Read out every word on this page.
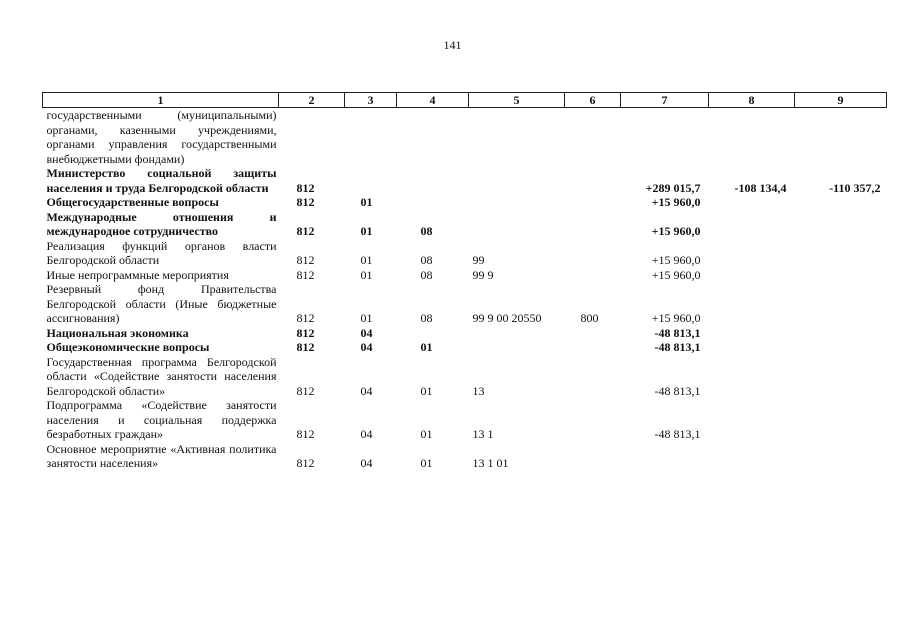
141
1	2	3	4	5	6	7	8	9
государственными (муниципальными) органами, казенными учреждениями, органами управления государственными внебюджетными фондами)								
Министерство социальной защиты населения и труда Белгородской области	812					+289 015,7	-108 134,4	-110 357,2
Общегосударственные вопросы	812	01				+15 960,0		
Международные отношения и международное сотрудничество	812	01	08			+15 960,0		
Реализация функций органов власти Белгородской области	812	01	08	99		+15 960,0		
Иные непрограммные мероприятия	812	01	08	99 9		+15 960,0		
Резервный фонд Правительства Белгородской области (Иные бюджетные ассигнования)	812	01	08	99 9 00 20550	800	+15 960,0		
Национальная экономика	812	04				-48 813,1		
Общеэкономические вопросы	812	04	01			-48 813,1		
Государственная программа Белгородской области «Содействие занятости населения Белгородской области»	812	04	01	13		-48 813,1		
Подпрограмма «Содействие занятости населения и социальная поддержка безработных граждан»	812	04	01	13 1		-48 813,1		
Основное мероприятие «Активная политика занятости населения»	812	04	01	13 1 01				
